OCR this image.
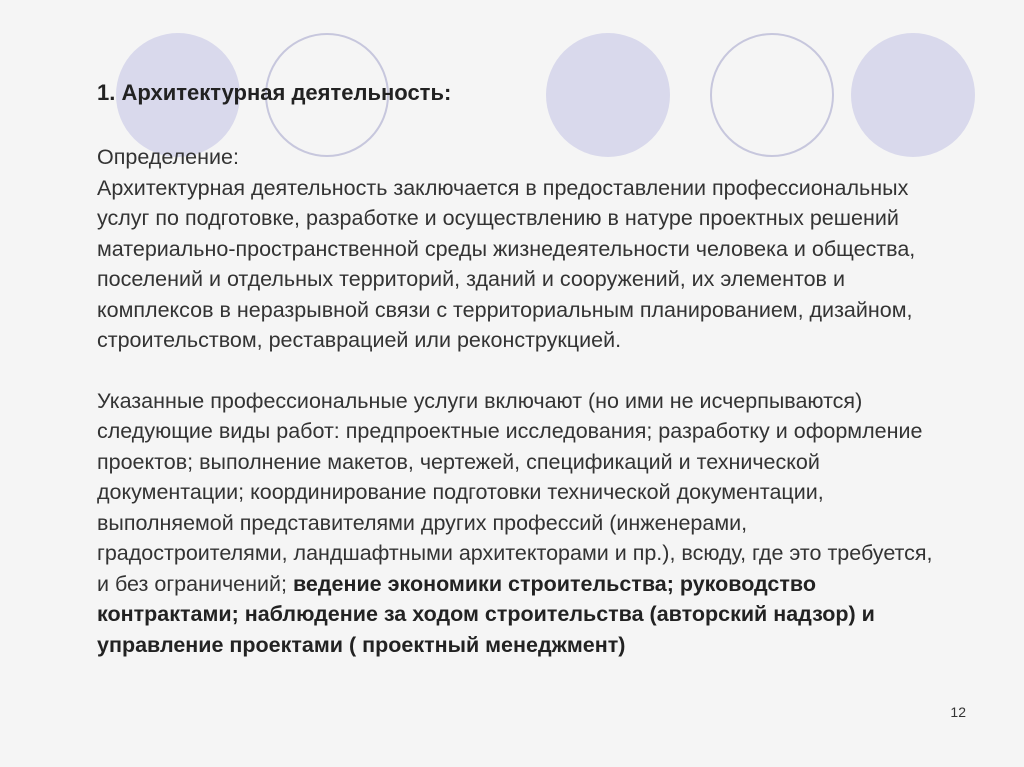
1. Архитектурная деятельность:

Определение:
Архитектурная деятельность заключается в предоставлении профессиональных услуг по подготовке, разработке и осуществлению в натуре проектных решений материально-пространственной среды жизнедеятельности человека и общества, поселений и отдельных территорий, зданий и сооружений, их элементов и комплексов в неразрывной связи с территориальным планированием, дизайном, строительством, реставрацией или реконструкцией.

Указанные профессиональные услуги включают (но ими не исчерпываются) следующие виды работ: предпроектные исследования; разработку и оформление проектов; выполнение макетов, чертежей, спецификаций и технической документации; координирование подготовки технической документации, выполняемой представителями других профессий (инженерами, градостроителями, ландшафтными архитекторами и пр.), всюду, где это требуется, и без ограничений; ведение экономики строительства; руководство контрактами; наблюдение за ходом строительства (авторский надзор) и управление проектами ( проектный менеджмент)

12
